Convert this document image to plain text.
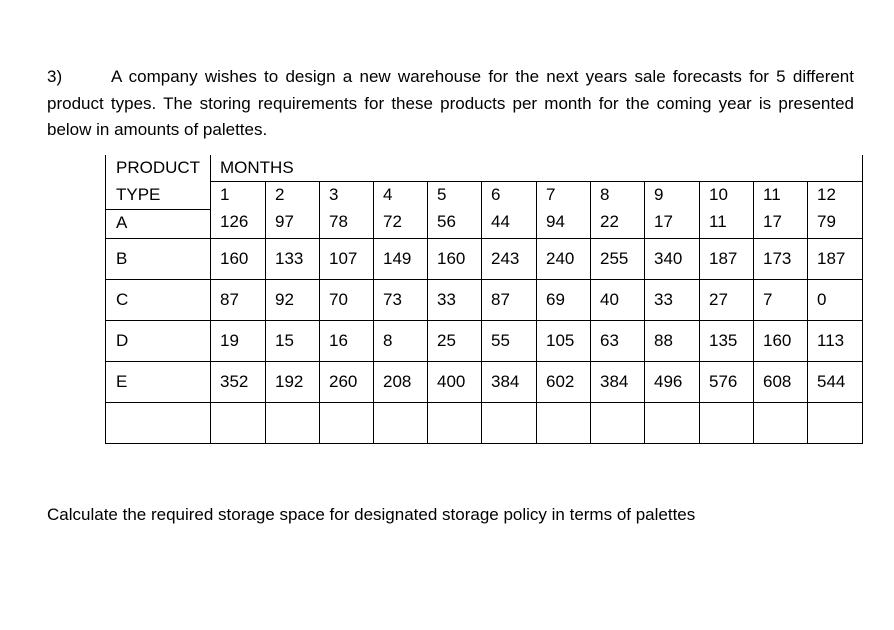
3)	A company wishes to design a new warehouse for the next years sale forecasts for 5 different product types. The storing requirements for these products per month for the coming year is presented below in amounts of palettes.
PRODUCT	MONTHS											
TYPE	1	2	3	4	5	6	7	8	9	10	11	12
A	126	97	78	72	56	44	94	22	17	11	17	79
B	160	133	107	149	160	243	240	255	340	187	173	187
C	87	92	70	73	33	87	69	40	33	27	7	0
D	19	15	16	8	25	55	105	63	88	135	160	113
E	352	192	260	208	400	384	602	384	496	576	608	544

Calculate the required storage space for designated storage policy in terms of palettes
